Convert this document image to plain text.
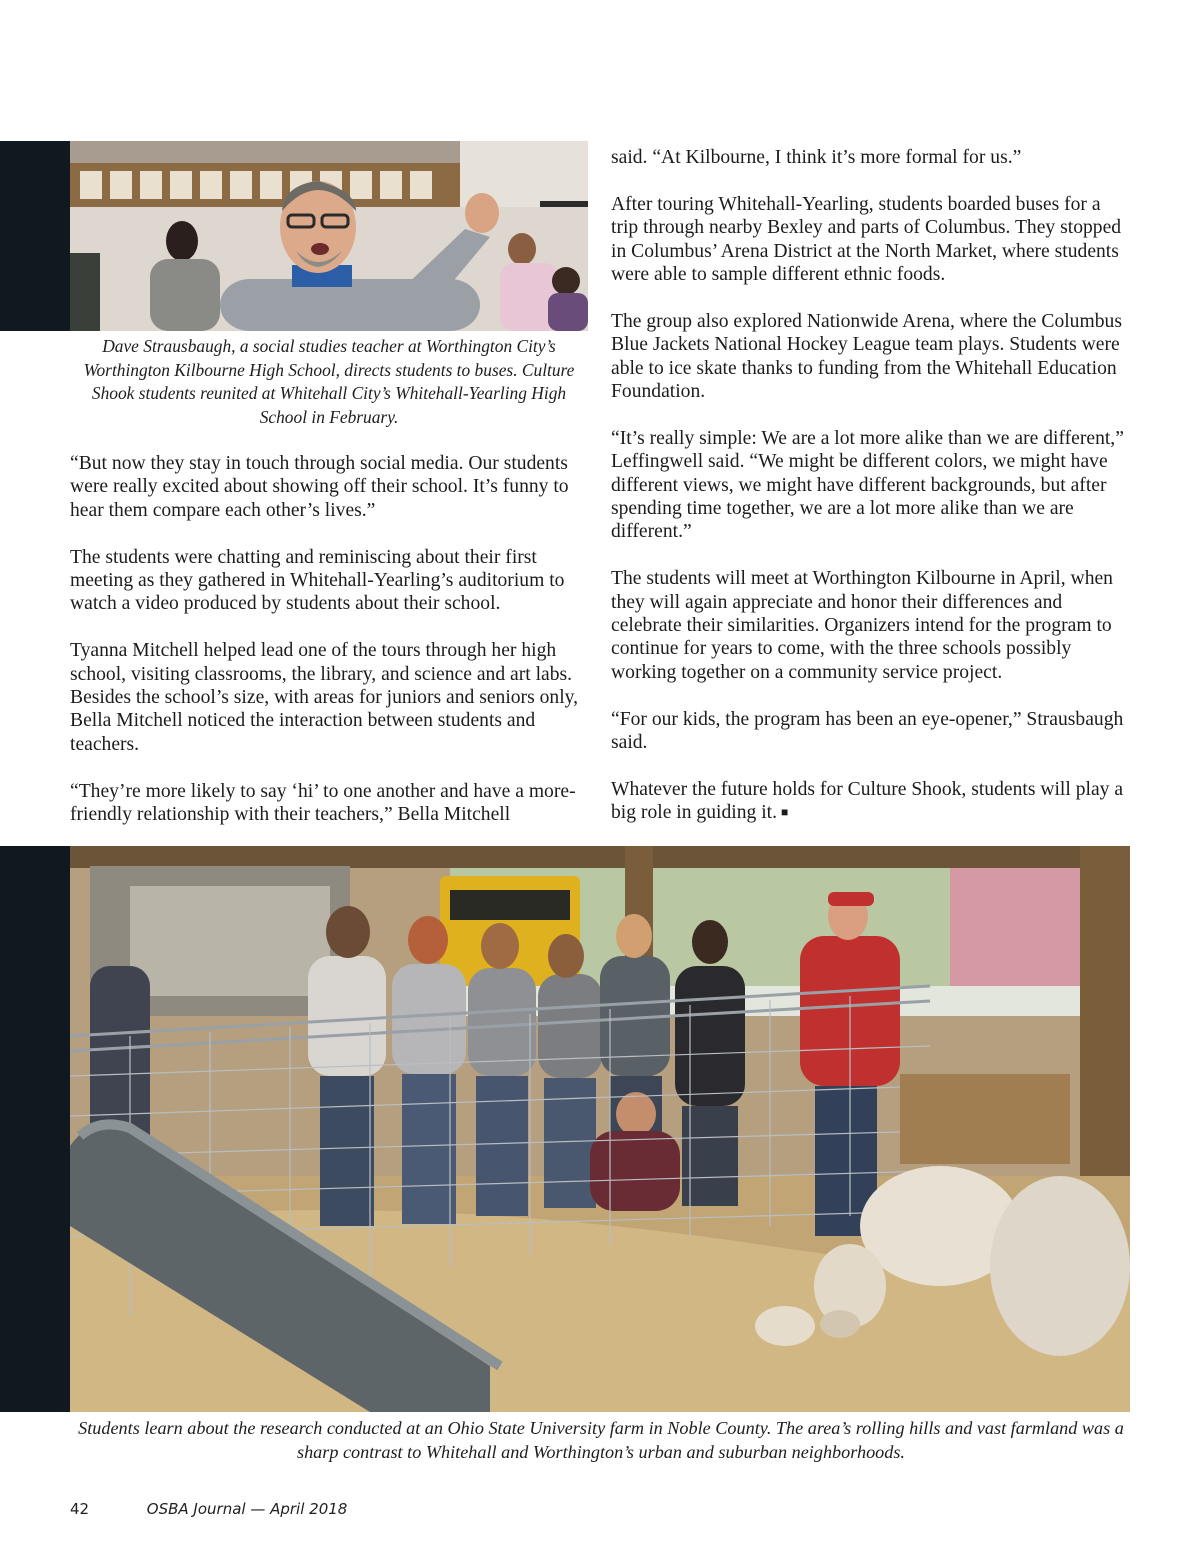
Dave Strausbaugh, a social studies teacher at Worthington City’s Worthington Kilbourne High School, directs students to buses. Culture Shook students reunited at Whitehall City’s Whitehall-Yearling High School in February.

“But now they stay in touch through social media. Our students were really excited about showing off their school. It’s funny to hear them compare each other’s lives.”

The students were chatting and reminiscing about their first meeting as they gathered in Whitehall-Yearling’s auditorium to watch a video produced by students about their school.

Tyanna Mitchell helped lead one of the tours through her high school, visiting classrooms, the library, and science and art labs. Besides the school’s size, with areas for juniors and seniors only, Bella Mitchell noticed the interaction between students and teachers.

“They’re more likely to say ‘hi’ to one another and have a more-friendly relationship with their teachers,” Bella Mitchell

said. “At Kilbourne, I think it’s more formal for us.”

After touring Whitehall-Yearling, students boarded buses for a trip through nearby Bexley and parts of Columbus. They stopped in Columbus’ Arena District at the North Market, where students were able to sample different ethnic foods.

The group also explored Nationwide Arena, where the Columbus Blue Jackets National Hockey League team plays. Students were able to ice skate thanks to funding from the Whitehall Education Foundation.

“It’s really simple: We are a lot more alike than we are different,” Leffingwell said. “We might be different colors, we might have different views, we might have different backgrounds, but after spending time together, we are a lot more alike than we are different.”

The students will meet at Worthington Kilbourne in April, when they will again appreciate and honor their differences and celebrate their similarities. Organizers intend for the program to continue for years to come, with the three schools possibly working together on a community service project.

“For our kids, the program has been an eye-opener,” Strausbaugh said.

Whatever the future holds for Culture Shook, students will play a big role in guiding it. ■

Students learn about the research conducted at an Ohio State University farm in Noble County. The area’s rolling hills and vast farmland was a sharp contrast to Whitehall and Worthington’s urban and suburban neighborhoods.

42	OSBA Journal — April 2018
